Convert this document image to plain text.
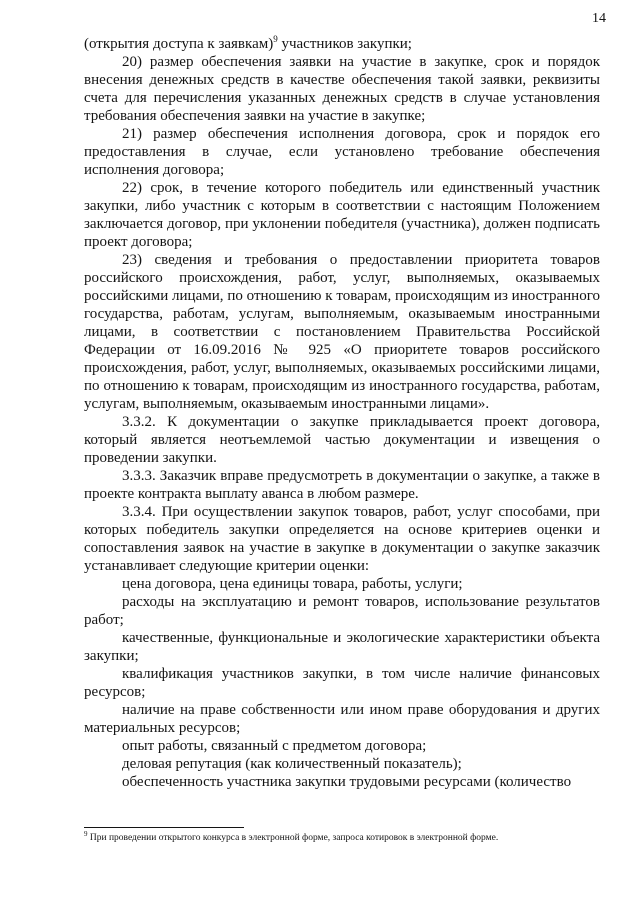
14

(открытия доступа к заявкам)$^9$ участников закупки;

20) размер обеспечения заявки на участие в закупке, срок и порядок внесения денежных средств в качестве обеспечения такой заявки, реквизиты счета для перечисления указанных денежных средств в случае установления требования обеспечения заявки на участие в закупке;

21) размер обеспечения исполнения договора, срок и порядок его предоставления в случае, если установлено требование обеспечения исполнения договора;

22) срок, в течение которого победитель или единственный участник закупки, либо участник с которым в соответствии с настоящим Положением заключается договор, при уклонении победителя (участника), должен подписать проект договора;

23) сведения и требования о предоставлении приоритета товаров российского происхождения, работ, услуг, выполняемых, оказываемых российскими лицами, по отношению к товарам, происходящим из иностранного государства, работам, услугам, выполняемым, оказываемым иностранными лицами, в соответствии с постановлением Правительства Российской Федерации от 16.09.2016 № 925 «О приоритете товаров российского происхождения, работ, услуг, выполняемых, оказываемых российскими лицами, по отношению к товарам, происходящим из иностранного государства, работам, услугам, выполняемым, оказываемым иностранными лицами».

3.3.2. К документации о закупке прикладывается проект договора, который является неотъемлемой частью документации и извещения о проведении закупки.

3.3.3. Заказчик вправе предусмотреть в документации о закупке, а также в проекте контракта выплату аванса в любом размере.

3.3.4. При осуществлении закупок товаров, работ, услуг способами, при которых победитель закупки определяется на основе критериев оценки и сопоставления заявок на участие в закупке в документации о закупке заказчик устанавливает следующие критерии оценки:

цена договора, цена единицы товара, работы, услуги;

расходы на эксплуатацию и ремонт товаров, использование результатов работ;

качественные, функциональные и экологические характеристики объекта закупки;

квалификация участников закупки, в том числе наличие финансовых ресурсов;

наличие на праве собственности или ином праве оборудования и других материальных ресурсов;

опыт работы, связанный с предметом договора;

деловая репутация (как количественный показатель);

обеспеченность участника закупки трудовыми ресурсами (количество

$^9$ При проведении открытого конкурса в электронной форме, запроса котировок в электронной форме.
